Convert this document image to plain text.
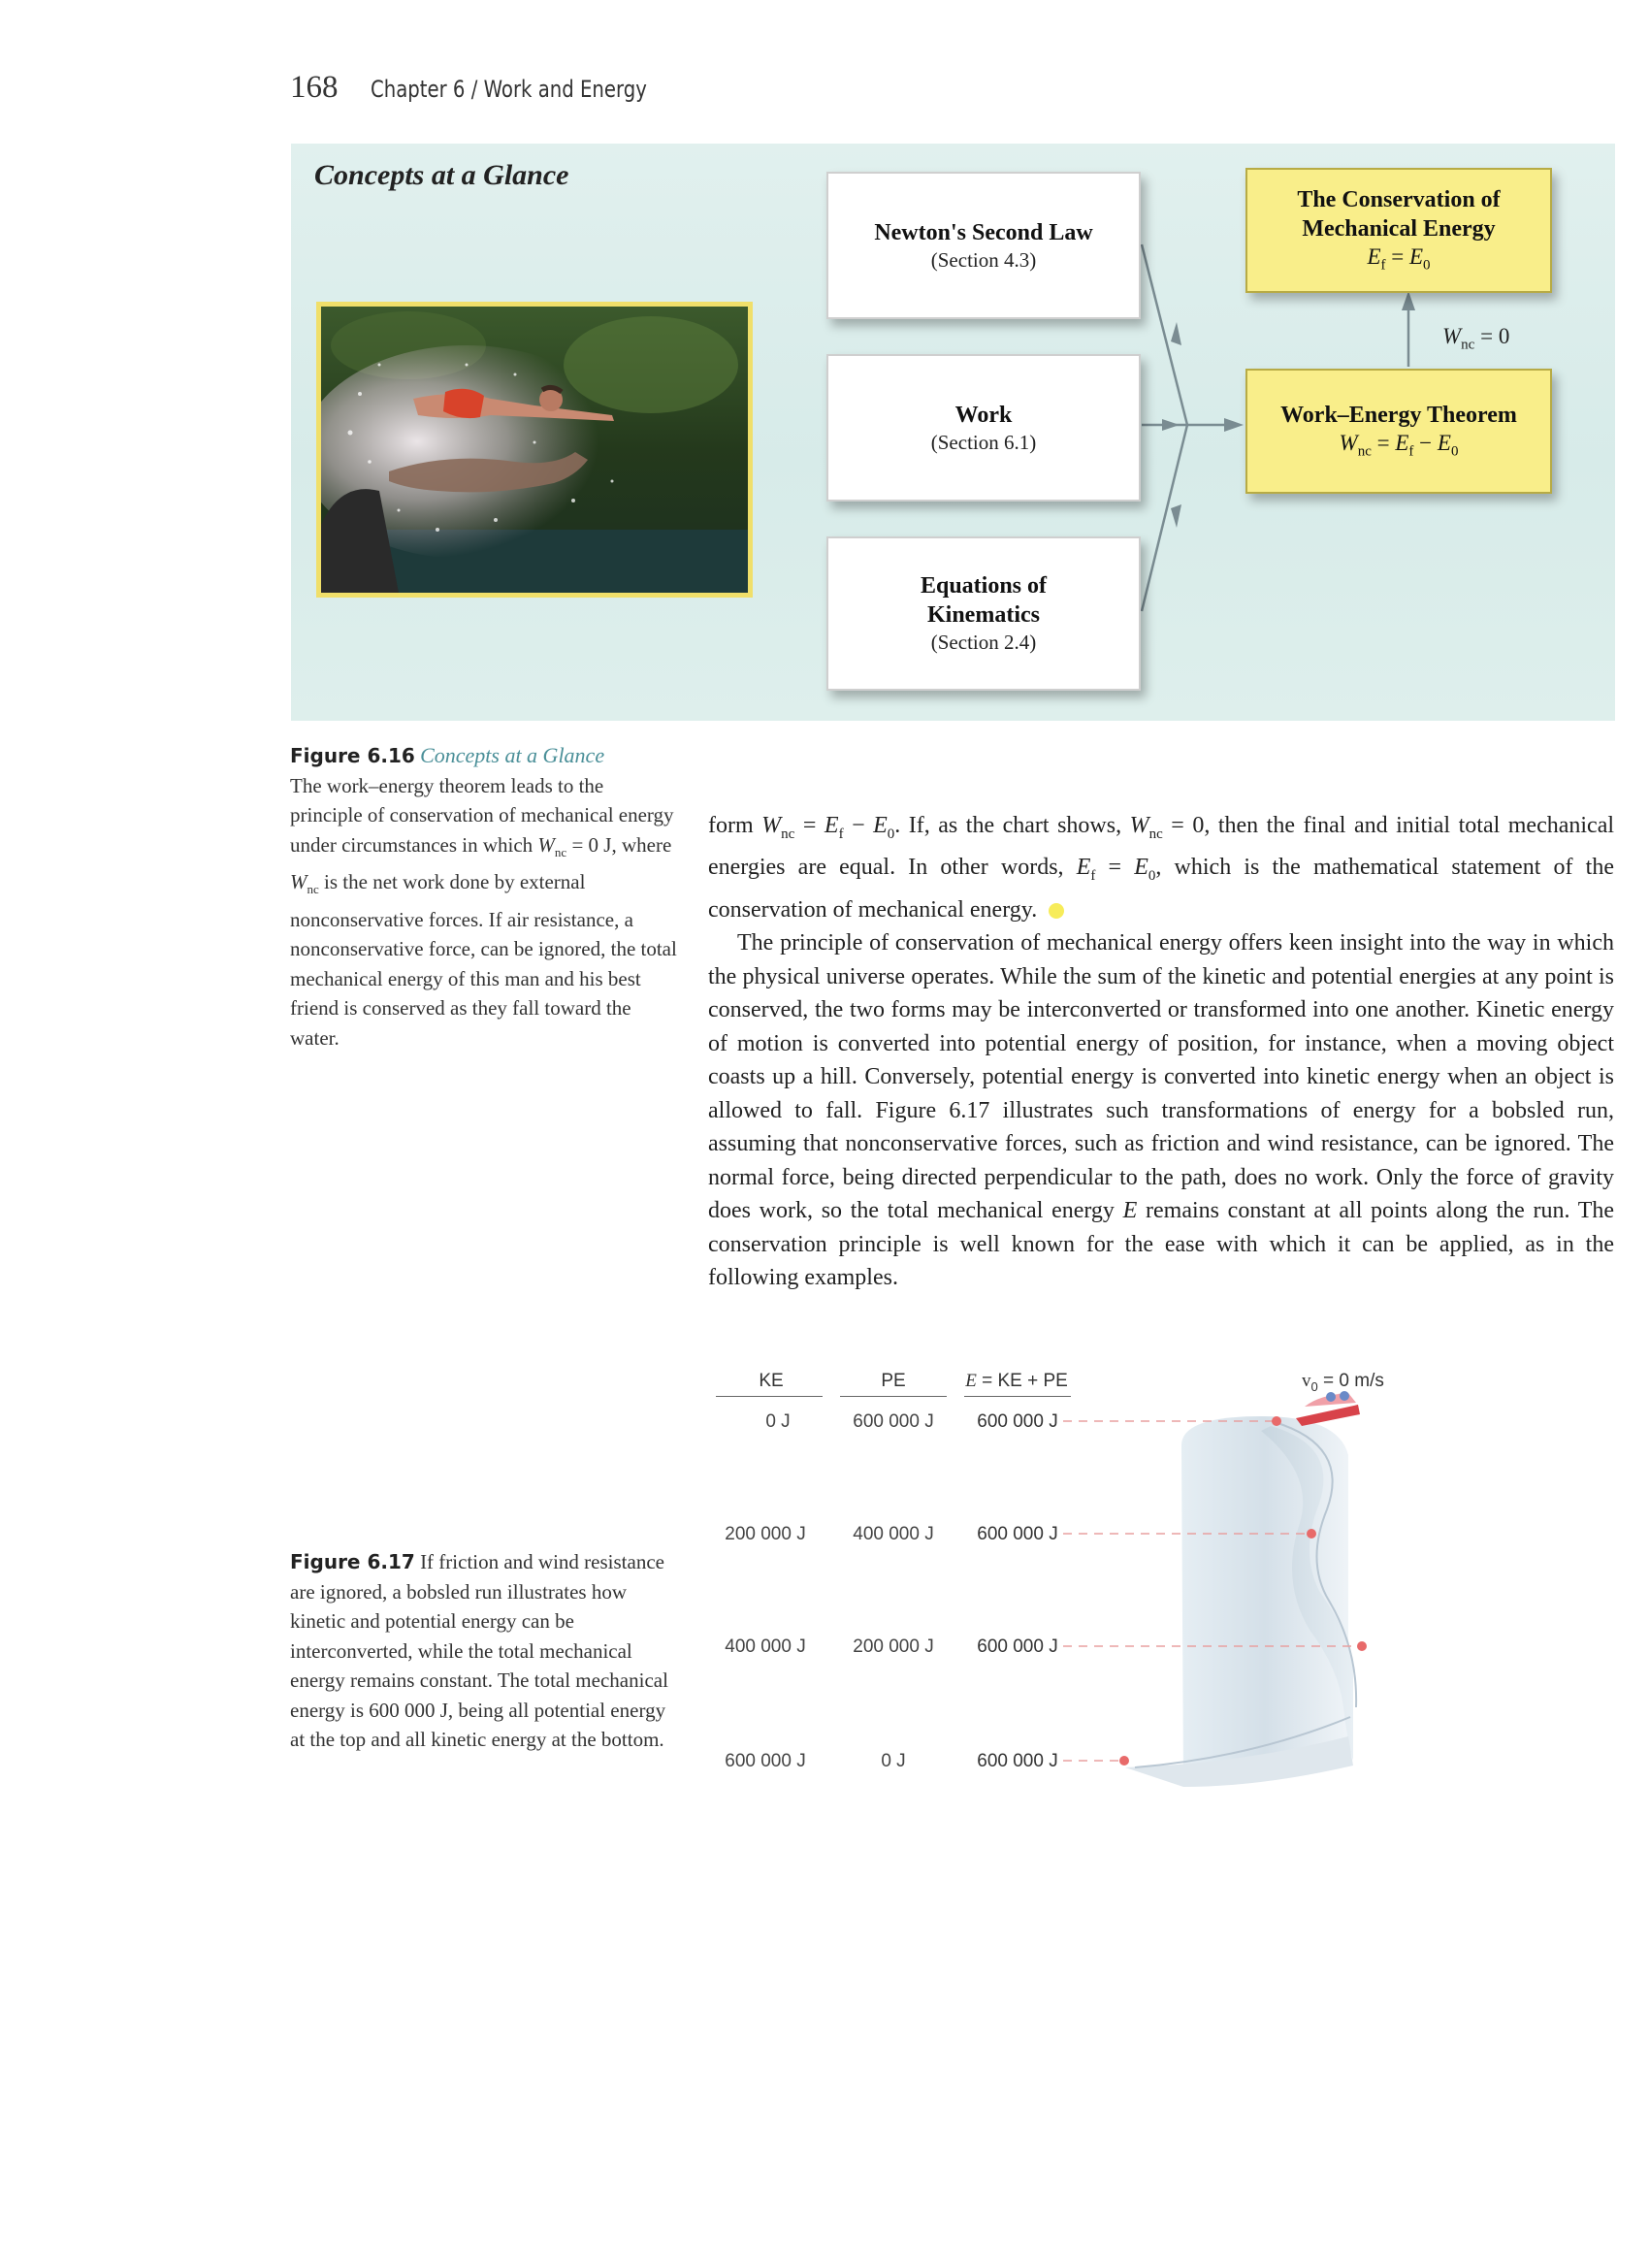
168 Chapter 6 / Work and Energy
Concepts at a Glance
Newton's Second Law
(Section 4.3)
Work
(Section 6.1)
Equations of
Kinematics
(Section 2.4)
The Conservation of
Mechanical Energy
$E_f = E_0$
$W_{nc} = 0$
Work–Energy Theorem
$W_{nc} = E_f - E_0$
Figure 6.16 Concepts at a Glance
The work–energy theorem leads to the principle of conservation of mechanical energy under circumstances in which $W_{nc} = 0$ J, where $W_{nc}$ is the net work done by external nonconservative forces. If air resistance, a nonconservative force, can be ignored, the total mechanical energy of this man and his best friend is conserved as they fall toward the water.

form $W_{nc} = E_f - E_0$. If, as the chart shows, $W_{nc} = 0$, then the final and initial total mechanical energies are equal. In other words, $E_f = E_0$, which is the mathematical statement of the conservation of mechanical energy.

The principle of conservation of mechanical energy offers keen insight into the way in which the physical universe operates. While the sum of the kinetic and potential energies at any point is conserved, the two forms may be interconverted or transformed into one another. Kinetic energy of motion is converted into potential energy of position, for instance, when a moving object coasts up a hill. Conversely, potential energy is converted into kinetic energy when an object is allowed to fall. Figure 6.17 illustrates such transformations of energy for a bobsled run, assuming that nonconservative forces, such as friction and wind resistance, can be ignored. The normal force, being directed perpendicular to the path, does no work. Only the force of gravity does work, so the total mechanical energy E remains constant at all points along the run. The conservation principle is well known for the ease with which it can be applied, as in the following examples.

Figure 6.17 If friction and wind resistance are ignored, a bobsled run illustrates how kinetic and potential energy can be interconverted, while the total mechanical energy remains constant. The total mechanical energy is 600 000 J, being all potential energy at the top and all kinetic energy at the bottom.
KE	PE	E = KE + PE
0 J	600 000 J	600 000 J
200 000 J	400 000 J	600 000 J
400 000 J	200 000 J	600 000 J
600 000 J	0 J	600 000 J
$v_0 = 0$ m/s
